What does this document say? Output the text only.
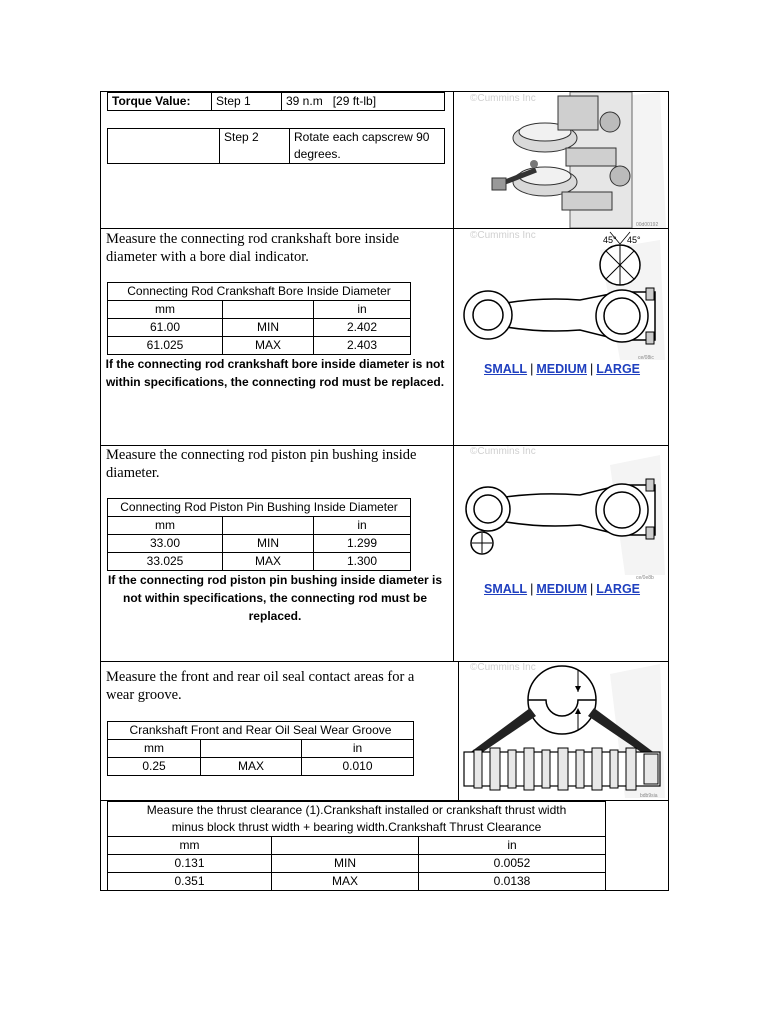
Torque Value:	Step 1	39 n.m   [29 ft-lb]
	Step 2	Rotate each capscrew 90
degrees.
©Cummins Inc
00d00192
Measure the connecting rod crankshaft bore inside
diameter with a bore dial indicator.
Connecting Rod Crankshaft Bore Inside Diameter		
mm		in
61.00	MIN	2.402
61.025	MAX	2.403
If the connecting rod crankshaft bore inside diameter is not
within specifications, the connecting rod must be replaced.
©Cummins Inc	45° 45°
ce/08ic
SMALL | MEDIUM | LARGE
Measure the connecting rod piston pin bushing inside
diameter.
Connecting Rod Piston Pin Bushing Inside Diameter		
mm		in
33.00	MIN	1.299
33.025	MAX	1.300
If the connecting rod piston pin bushing inside diameter is
not within specifications, the connecting rod must be
replaced.
©Cummins Inc
ce/0e8b
SMALL | MEDIUM | LARGE
Measure the front and rear oil seal contact areas for a
wear groove.
Crankshaft Front and Rear Oil Seal Wear Groove		
mm		in
0.25	MAX	0.010
©Cummins Inc
bdb9sia
Measure the thrust clearance (1).Crankshaft installed or crankshaft thrust width
minus block thrust width + bearing width.Crankshaft Thrust Clearance		

mm		in
0.131	MIN	0.0052
0.351	MAX	0.0138
